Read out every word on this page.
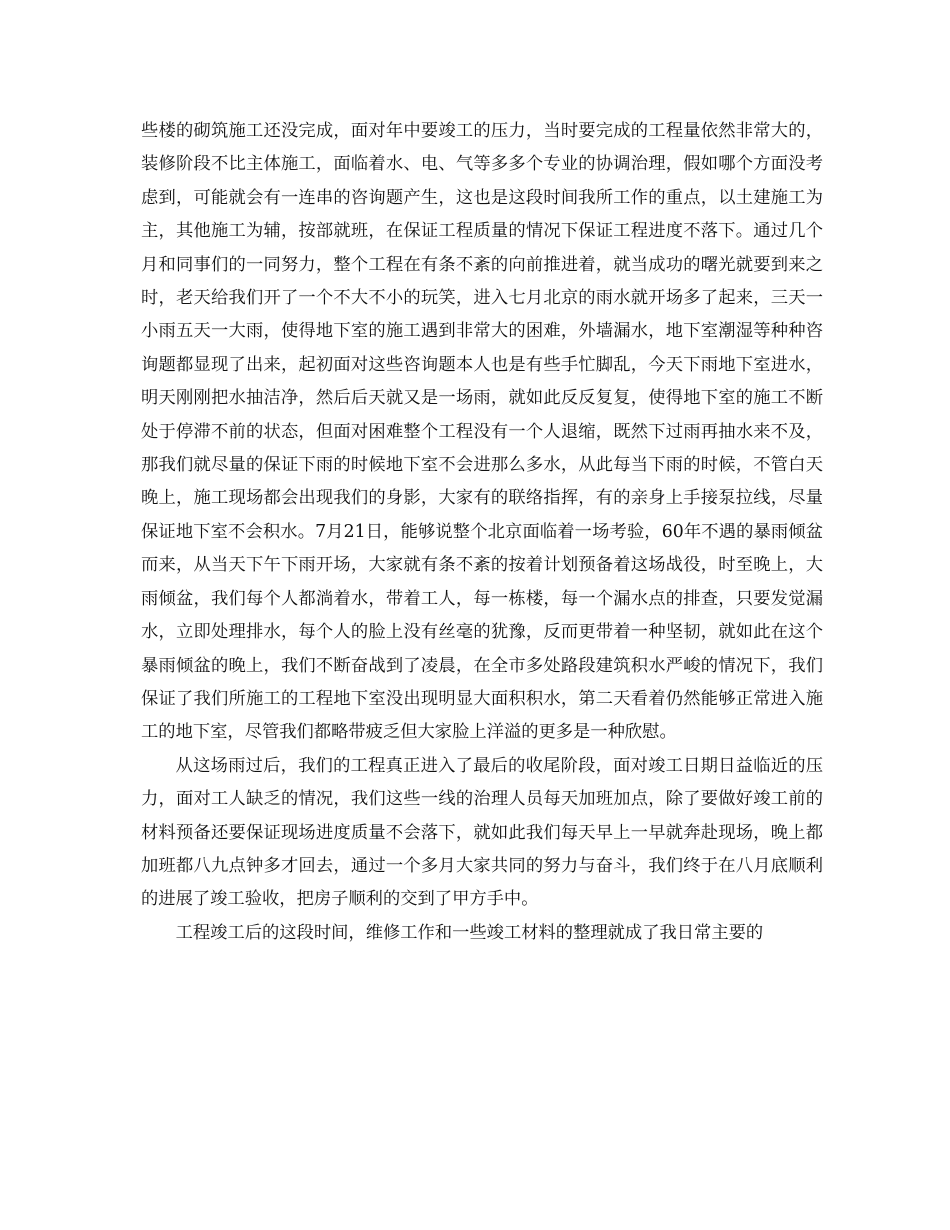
些楼的砌筑施工还没完成，面对年中要竣工的压力，当时要完成的工程量依然非常大的，装修阶段不比主体施工，面临着水、电、气等多多个专业的协调治理，假如哪个方面没考虑到，可能就会有一连串的咨询题产生，这也是这段时间我所工作的重点，以土建施工为主，其他施工为辅，按部就班，在保证工程质量的情况下保证工程进度不落下。通过几个月和同事们的一同努力，整个工程在有条不紊的向前推进着，就当成功的曙光就要到来之时，老天给我们开了一个不大不小的玩笑，进入七月北京的雨水就开场多了起来，三天一小雨五天一大雨，使得地下室的施工遇到非常大的困难，外墙漏水，地下室潮湿等种种咨询题都显现了出来，起初面对这些咨询题本人也是有些手忙脚乱，今天下雨地下室进水，明天刚刚把水抽洁净，然后后天就又是一场雨，就如此反反复复，使得地下室的施工不断处于停滞不前的状态，但面对困难整个工程没有一个人退缩，既然下过雨再抽水来不及，那我们就尽量的保证下雨的时候地下室不会进那么多水，从此每当下雨的时候，不管白天晚上，施工现场都会出现我们的身影，大家有的联络指挥，有的亲身上手接泵拉线，尽量保证地下室不会积水。7月21日，能够说整个北京面临着一场考验，60年不遇的暴雨倾盆而来，从当天下午下雨开场，大家就有条不紊的按着计划预备着这场战役，时至晚上，大雨倾盆，我们每个人都淌着水，带着工人，每一栋楼，每一个漏水点的排查，只要发觉漏水，立即处理排水，每个人的脸上没有丝毫的犹豫，反而更带着一种坚韧，就如此在这个暴雨倾盆的晚上，我们不断奋战到了凌晨，在全市多处路段建筑积水严峻的情况下，我们保证了我们所施工的工程地下室没出现明显大面积积水，第二天看着仍然能够正常进入施工的地下室，尽管我们都略带疲乏但大家脸上洋溢的更多是一种欣慰。

从这场雨过后，我们的工程真正进入了最后的收尾阶段，面对竣工日期日益临近的压力，面对工人缺乏的情况，我们这些一线的治理人员每天加班加点，除了要做好竣工前的材料预备还要保证现场进度质量不会落下，就如此我们每天早上一早就奔赴现场，晚上都加班都八九点钟多才回去，通过一个多月大家共同的努力与奋斗，我们终于在八月底顺利的进展了竣工验收，把房子顺利的交到了甲方手中。

工程竣工后的这段时间，维修工作和一些竣工材料的整理就成了我日常主要的
